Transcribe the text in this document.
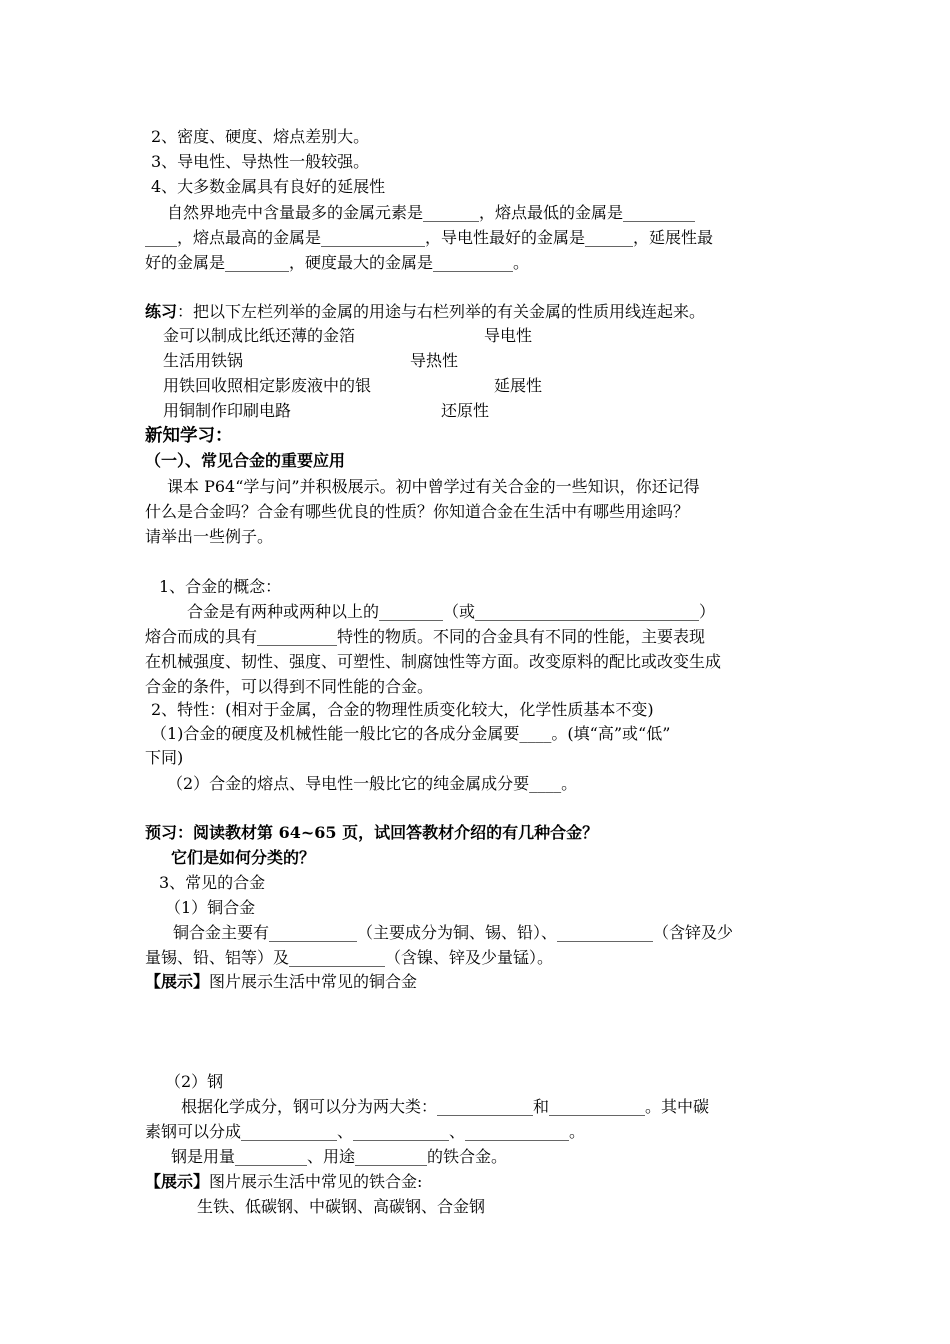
2、密度、硬度、熔点差别大。
3、导电性、导热性一般较强。
4、大多数金属具有良好的延展性
自然界地壳中含量最多的金属元素是_______，熔点最低的金属是_________
____，熔点最高的金属是_____________，导电性最好的金属是______，延展性最
好的金属是________，硬度最大的金属是__________。
练习：把以下左栏列举的金属的用途与右栏列举的有关金属的性质用线连起来。
金可以制成比纸还薄的金箔	导电性
生活用铁锅	导热性
用铁回收照相定影废液中的银	延展性
用铜制作印刷电路	还原性
新知学习：
（一）、常见合金的重要应用
课本 P64“学与问”并积极展示。初中曾学过有关合金的一些知识，你还记得
什么是合金吗？合金有哪些优良的性质？你知道合金在生活中有哪些用途吗？
请举出一些例子。
1、合金的概念：
合金是有两种或两种以上的________（或____________________________）
熔合而成的具有__________特性的物质。不同的合金具有不同的性能，主要表现
在机械强度、韧性、强度、可塑性、制腐蚀性等方面。改变原料的配比或改变生成
合金的条件，可以得到不同性能的合金。
2、特性：(相对于金属，合金的物理性质变化较大，化学性质基本不变)
（1)合金的硬度及机械性能一般比它的各成分金属要____。(填“高”或“低”
下同)
（2）合金的熔点、导电性一般比它的纯金属成分要____。
预习：阅读教材第 64~65 页，试回答教材介绍的有几种合金？
它们是如何分类的？
3、常见的合金
（1）铜合金
铜合金主要有___________（主要成分为铜、锡、铅）、____________（含锌及少
量锡、铅、铝等）及____________（含镍、锌及少量锰）。
【展示】图片展示生活中常见的铜合金
（2）钢
根据化学成分，钢可以分为两大类：____________和____________。其中碳
素钢可以分成____________、____________、_____________。
钢是用量_________、用途_________的铁合金。
【展示】图片展示生活中常见的铁合金:
生铁、低碳钢、中碳钢、高碳钢、合金钢
